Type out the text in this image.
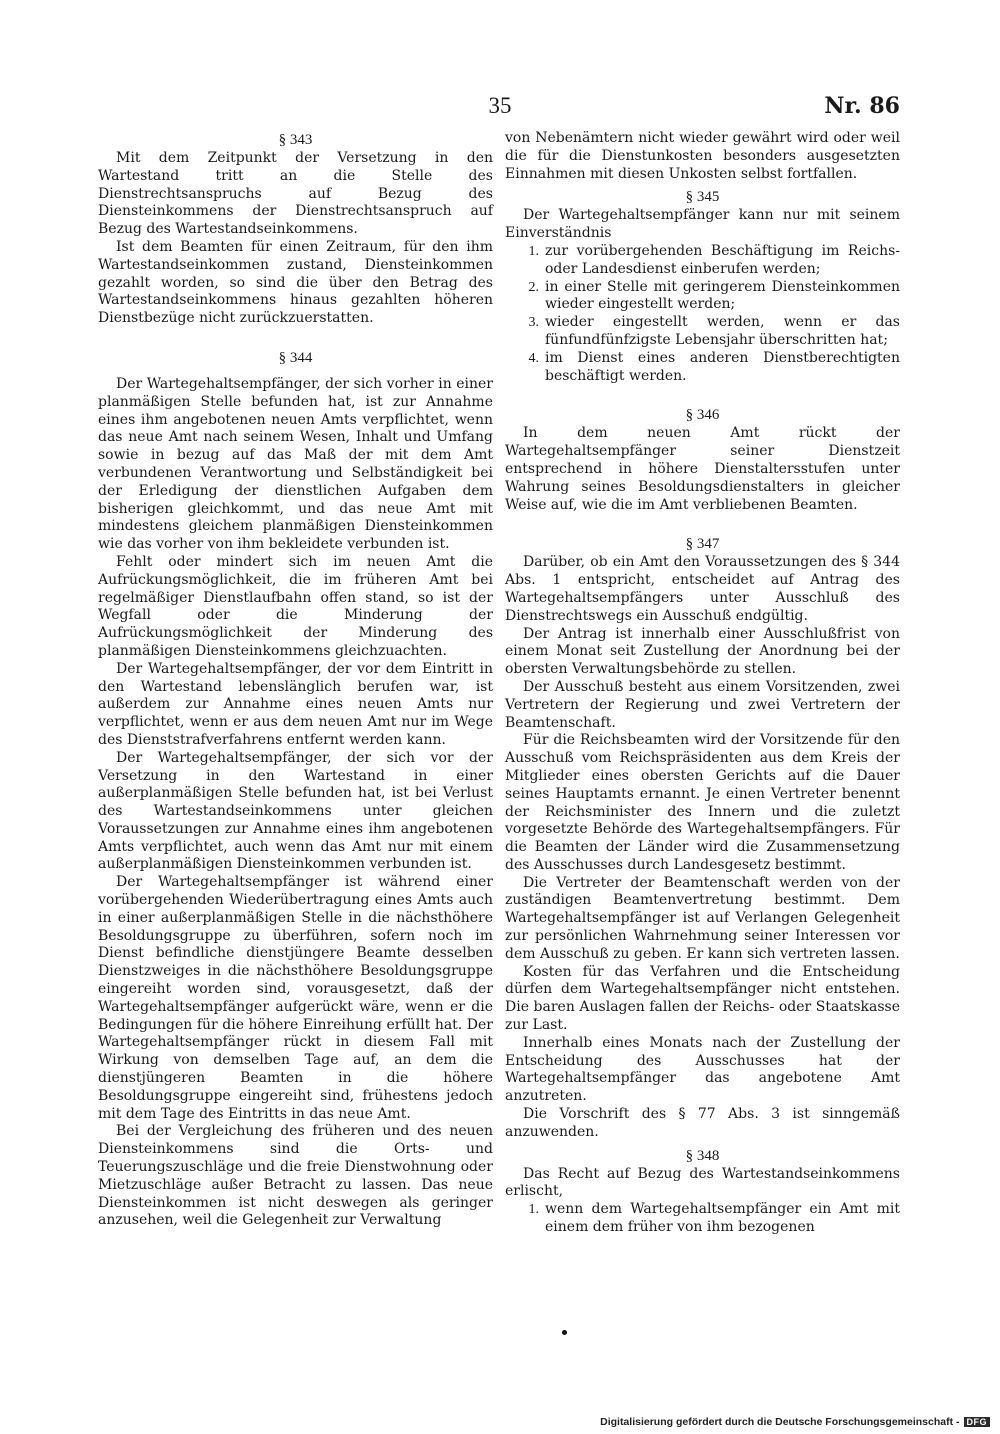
35	Nr. 86

§ 343

Mit dem Zeitpunkt der Versetzung in den Wartestand tritt an die Stelle des Dienstrechtsanspruchs auf Bezug des Diensteinkommens der Dienstrechtsanspruch auf Bezug des Wartestandseinkommens.

Ist dem Beamten für einen Zeitraum, für den ihm Wartestandseinkommen zustand, Diensteinkommen gezahlt worden, so sind die über den Betrag des Wartestandseinkommens hinaus gezahlten höheren Dienstbezüge nicht zurückzuerstatten.

§ 344

Der Wartegehaltsempfänger, der sich vorher in einer planmäßigen Stelle befunden hat, ist zur Annahme eines ihm angebotenen neuen Amts verpflichtet, wenn das neue Amt nach seinem Wesen, Inhalt und Umfang sowie in bezug auf das Maß der mit dem Amt verbundenen Verantwortung und Selbständigkeit bei der Erledigung der dienstlichen Aufgaben dem bisherigen gleichkommt, und das neue Amt mit mindestens gleichem planmäßigen Diensteinkommen wie das vorher von ihm bekleidete verbunden ist.

Fehlt oder mindert sich im neuen Amt die Aufrückungsmöglichkeit, die im früheren Amt bei regelmäßiger Dienstlaufbahn offen stand, so ist der Wegfall oder die Minderung der Aufrückungsmöglichkeit der Minderung des planmäßigen Diensteinkommens gleichzuachten.

Der Wartegehaltsempfänger, der vor dem Eintritt in den Wartestand lebenslänglich berufen war, ist außerdem zur Annahme eines neuen Amts nur verpflichtet, wenn er aus dem neuen Amt nur im Wege des Dienststrafverfahrens entfernt werden kann.

Der Wartegehaltsempfänger, der sich vor der Versetzung in den Wartestand in einer außerplanmäßigen Stelle befunden hat, ist bei Verlust des Wartestandseinkommens unter gleichen Voraussetzungen zur Annahme eines ihm angebotenen Amts verpflichtet, auch wenn das Amt nur mit einem außerplanmäßigen Diensteinkommen verbunden ist.

Der Wartegehaltsempfänger ist während einer vorübergehenden Wiederübertragung eines Amts auch in einer außerplanmäßigen Stelle in die nächsthöhere Besoldungsgruppe zu überführen, sofern noch im Dienst befindliche dienstjüngere Beamte desselben Dienstzweiges in die nächsthöhere Besoldungsgruppe eingereiht worden sind, vorausgesetzt, daß der Wartegehaltsempfänger aufgerückt wäre, wenn er die Bedingungen für die höhere Einreihung erfüllt hat. Der Wartegehaltsempfänger rückt in diesem Fall mit Wirkung von demselben Tage auf, an dem die dienstjüngeren Beamten in die höhere Besoldungsgruppe eingereiht sind, frühestens jedoch mit dem Tage des Eintritts in das neue Amt.

Bei der Vergleichung des früheren und des neuen Diensteinkommens sind die Orts- und Teuerungszuschläge und die freie Dienstwohnung oder Mietzuschläge außer Betracht zu lassen. Das neue Diensteinkommen ist nicht deswegen als geringer anzusehen, weil die Gelegenheit zur Verwaltung

von Nebenämtern nicht wieder gewährt wird oder weil die für die Dienstunkosten besonders ausgesetzten Einnahmen mit diesen Unkosten selbst fortfallen.

§ 345

Der Wartegehaltsempfänger kann nur mit seinem Einverständnis

1. zur vorübergehenden Beschäftigung im Reichs- oder Landesdienst einberufen werden;
2. in einer Stelle mit geringerem Diensteinkommen wieder eingestellt werden;
3. wieder eingestellt werden, wenn er das fünfundfünfzigste Lebensjahr überschritten hat;
4. im Dienst eines anderen Dienstberechtigten beschäftigt werden.

§ 346

In dem neuen Amt rückt der Wartegehaltsempfänger seiner Dienstzeit entsprechend in höhere Dienstaltersstufen unter Wahrung seines Besoldungsdienstalters in gleicher Weise auf, wie die im Amt verbliebenen Beamten.

§ 347

Darüber, ob ein Amt den Voraussetzungen des § 344 Abs. 1 entspricht, entscheidet auf Antrag des Wartegehaltsempfängers unter Ausschluß des Dienstrechtswegs ein Ausschuß endgültig.

Der Antrag ist innerhalb einer Ausschlußfrist von einem Monat seit Zustellung der Anordnung bei der obersten Verwaltungsbehörde zu stellen.

Der Ausschuß besteht aus einem Vorsitzenden, zwei Vertretern der Regierung und zwei Vertretern der Beamtenschaft.

Für die Reichsbeamten wird der Vorsitzende für den Ausschuß vom Reichspräsidenten aus dem Kreis der Mitglieder eines obersten Gerichts auf die Dauer seines Hauptamts ernannt. Je einen Vertreter benennt der Reichsminister des Innern und die zuletzt vorgesetzte Behörde des Wartegehaltsempfängers. Für die Beamten der Länder wird die Zusammensetzung des Ausschusses durch Landesgesetz bestimmt.

Die Vertreter der Beamtenschaft werden von der zuständigen Beamtenvertretung bestimmt. Dem Wartegehaltsempfänger ist auf Verlangen Gelegenheit zur persönlichen Wahrnehmung seiner Interessen vor dem Ausschuß zu geben. Er kann sich vertreten lassen.

Kosten für das Verfahren und die Entscheidung dürfen dem Wartegehaltsempfänger nicht entstehen. Die baren Auslagen fallen der Reichs- oder Staatskasse zur Last.

Innerhalb eines Monats nach der Zustellung der Entscheidung des Ausschusses hat der Wartegehaltsempfänger das angebotene Amt anzutreten.

Die Vorschrift des § 77 Abs. 3 ist sinngemäß anzuwenden.

§ 348

Das Recht auf Bezug des Wartestandseinkommens erlischt,

1. wenn dem Wartegehaltsempfänger ein Amt mit einem dem früher von ihm bezogenen
Digitalisierung gefördert durch die Deutsche Forschungsgemeinschaft - DFG
